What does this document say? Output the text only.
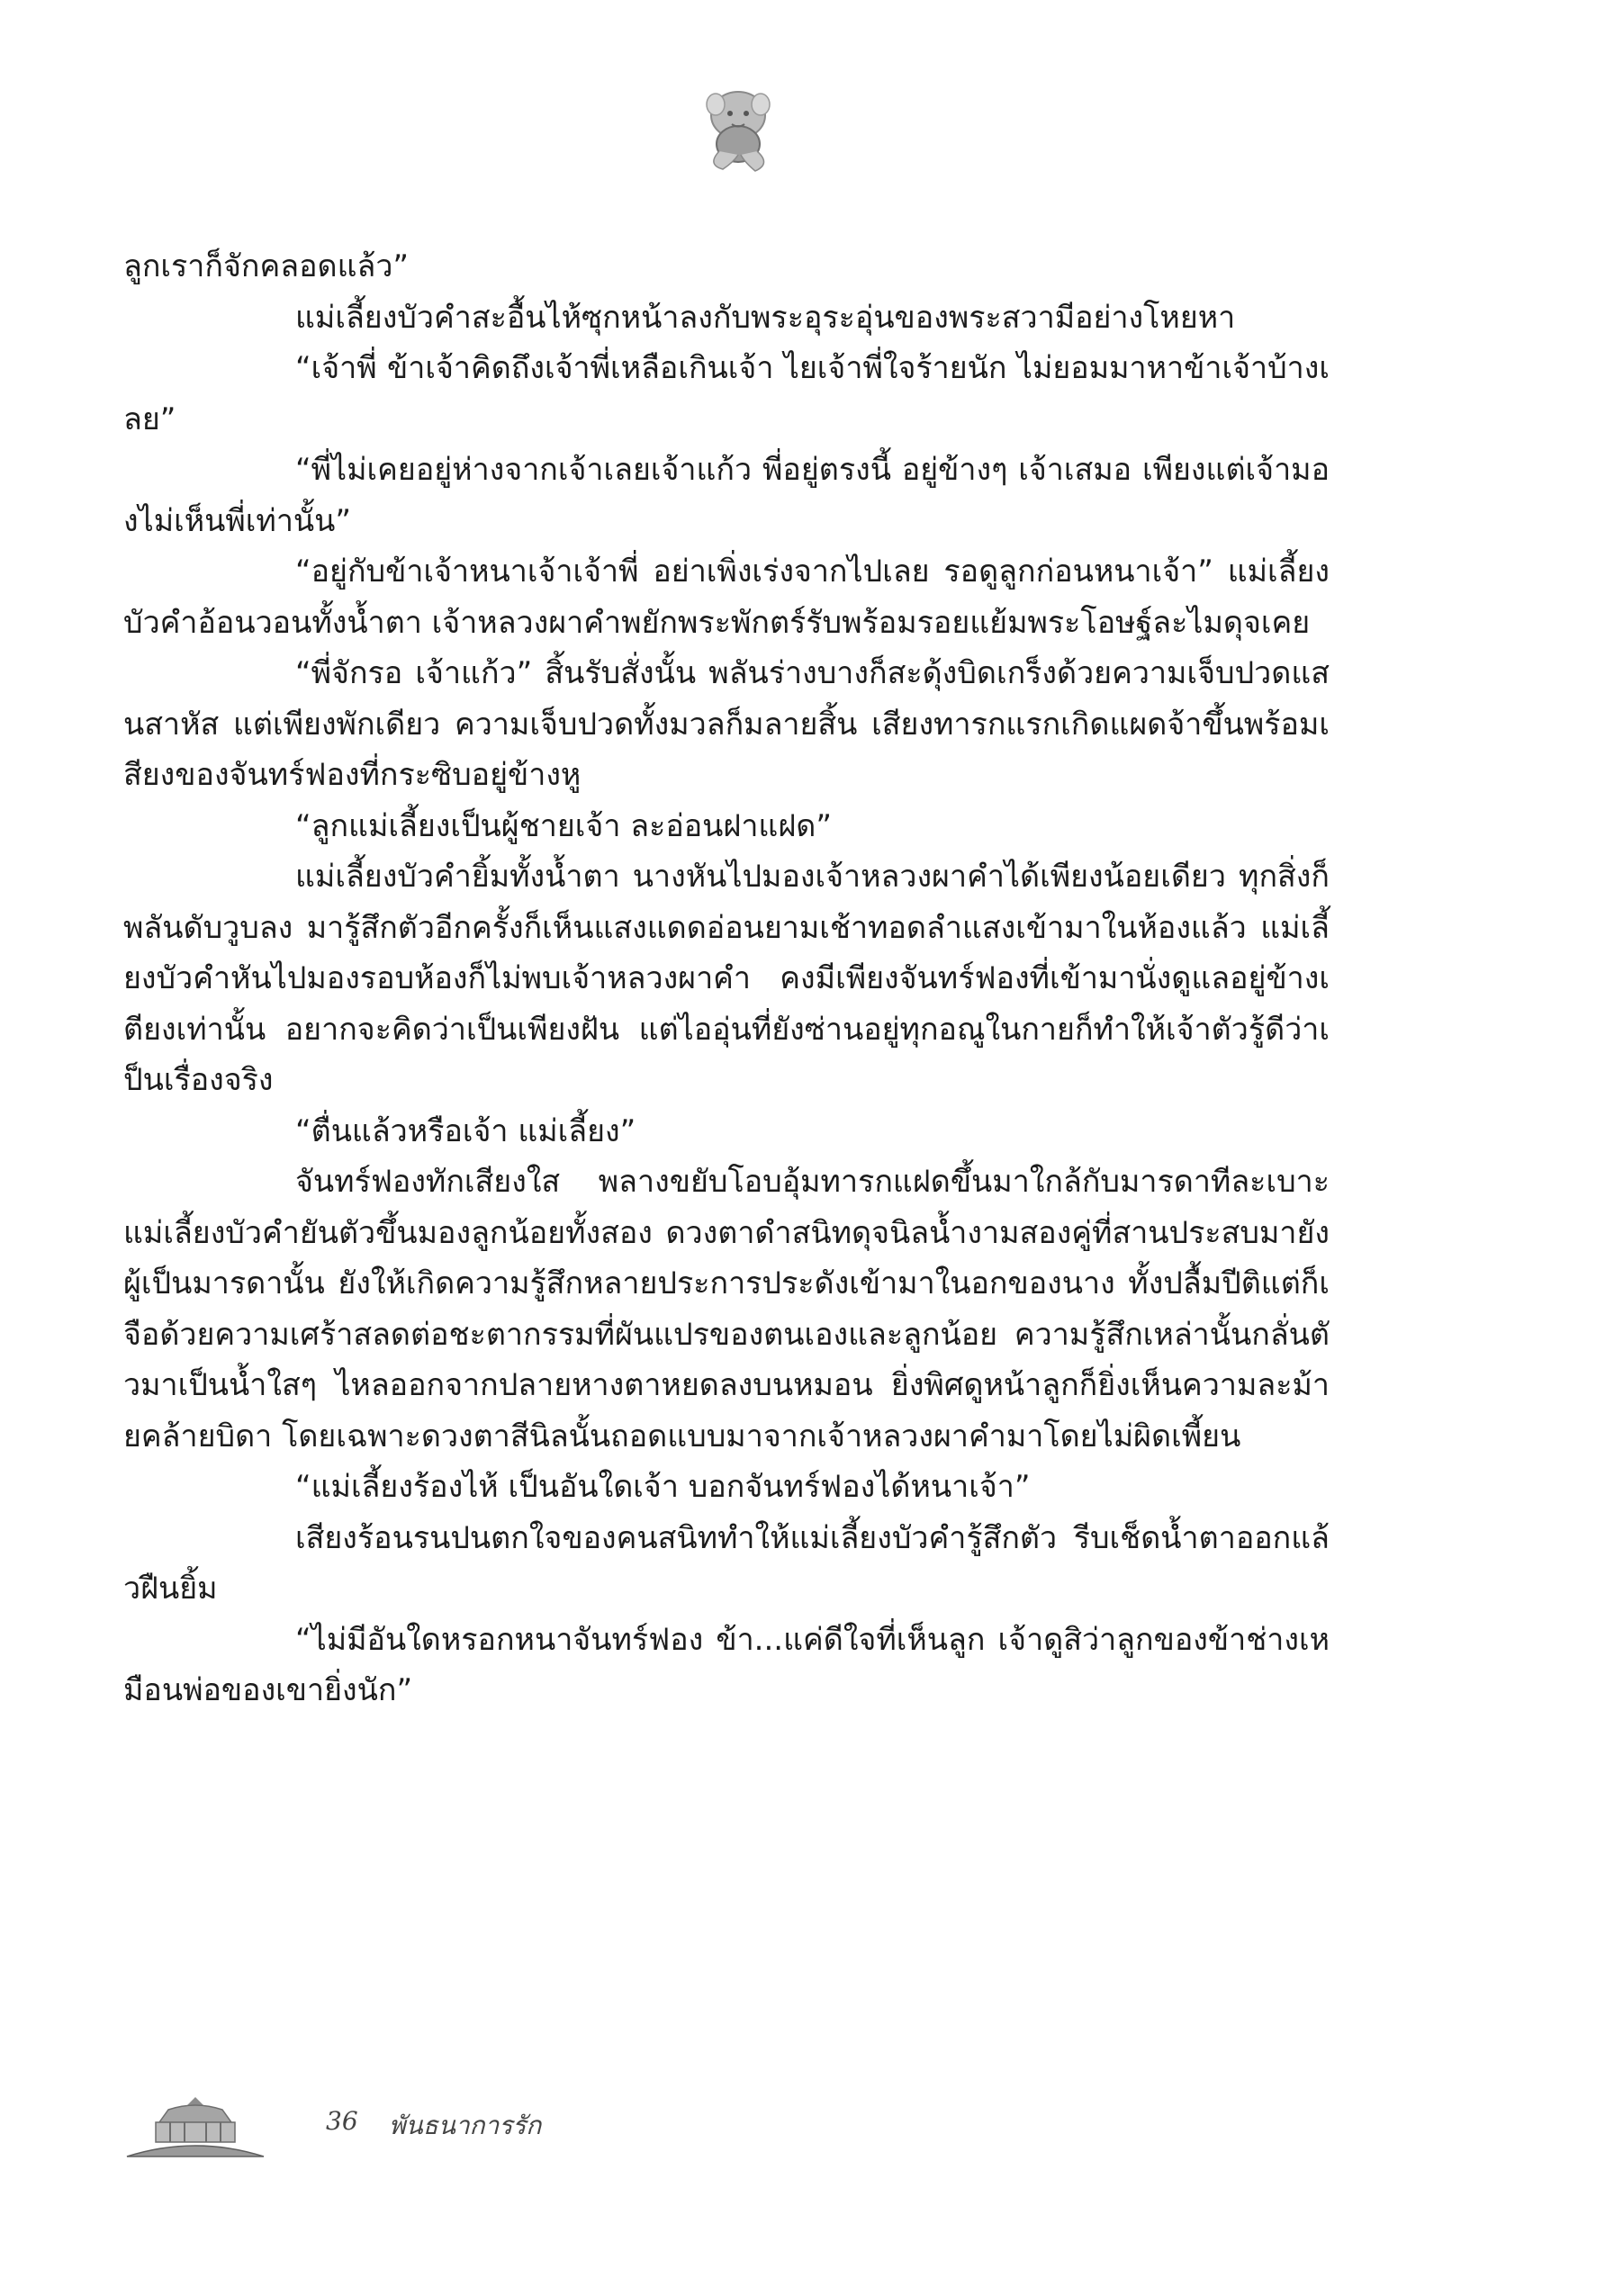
ลูกเราก็จักคลอดแล้ว”

แม่เลี้ยงบัวคำสะอื้นไห้ซุกหน้าลงกับพระอุระอุ่นของพระสวามีอย่างโหยหา

“เจ้าพี่ ข้าเจ้าคิดถึงเจ้าพี่เหลือเกินเจ้า ไยเจ้าพี่ใจร้ายนัก ไม่ยอมมาหาข้าเจ้าบ้างเลย”

“พี่ไม่เคยอยู่ห่างจากเจ้าเลยเจ้าแก้ว พี่อยู่ตรงนี้ อยู่ข้างๆ เจ้าเสมอ เพียงแต่เจ้ามองไม่เห็นพี่เท่านั้น”

“อยู่กับข้าเจ้าหนาเจ้าเจ้าพี่ อย่าเพิ่งเร่งจากไปเลย รอดูลูกก่อนหนาเจ้า” แม่เลี้ยงบัวคำอ้อนวอนทั้งน้ำตา เจ้าหลวงผาคำพยักพระพักตร์รับพร้อมรอยแย้มพระโอษฐ์ละไมดุจเคย

“พี่จักรอ เจ้าแก้ว” สิ้นรับสั่งนั้น พลันร่างบางก็สะดุ้งบิดเกร็งด้วยความเจ็บปวดแสนสาหัส แต่เพียงพักเดียว ความเจ็บปวดทั้งมวลก็มลายสิ้น เสียงทารกแรกเกิดแผดจ้าขึ้นพร้อมเสียงของจันทร์ฟองที่กระซิบอยู่ข้างหู

“ลูกแม่เลี้ยงเป็นผู้ชายเจ้า ละอ่อนฝาแฝด”

แม่เลี้ยงบัวคำยิ้มทั้งน้ำตา นางหันไปมองเจ้าหลวงผาคำได้เพียงน้อยเดียว ทุกสิ่งก็พลันดับวูบลง มารู้สึกตัวอีกครั้งก็เห็นแสงแดดอ่อนยามเช้าทอดลำแสงเข้ามาในห้องแล้ว แม่เลี้ยงบัวคำหันไปมองรอบห้องก็ไม่พบเจ้าหลวงผาคำ คงมีเพียงจันทร์ฟองที่เข้ามานั่งดูแลอยู่ข้างเตียงเท่านั้น อยากจะคิดว่าเป็นเพียงฝัน แต่ไออุ่นที่ยังซ่านอยู่ทุกอณูในกายก็ทำให้เจ้าตัวรู้ดีว่าเป็นเรื่องจริง

“ตื่นแล้วหรือเจ้า แม่เลี้ยง”

จันทร์ฟองทักเสียงใส พลางขยับโอบอุ้มทารกแฝดขึ้นมาใกล้กับมารดาทีละเบาะ แม่เลี้ยงบัวคำยันตัวขึ้นมองลูกน้อยทั้งสอง ดวงตาดำสนิทดุจนิลน้ำงามสองคู่ที่สานประสบมายังผู้เป็นมารดานั้น ยังให้เกิดความรู้สึกหลายประการประดังเข้ามาในอกของนาง ทั้งปลื้มปีติแต่ก็เจือด้วยความเศร้าสลดต่อชะตากรรมที่ผันแปรของตนเองและลูกน้อย ความรู้สึกเหล่านั้นกลั่นตัวมาเป็นน้ำใสๆ ไหลออกจากปลายหางตาหยดลงบนหมอน ยิ่งพิศดูหน้าลูกก็ยิ่งเห็นความละม้ายคล้ายบิดา โดยเฉพาะดวงตาสีนิลนั้นถอดแบบมาจากเจ้าหลวงผาคำมาโดยไม่ผิดเพี้ยน

“แม่เลี้ยงร้องไห้ เป็นอันใดเจ้า บอกจันทร์ฟองได้หนาเจ้า”

เสียงร้อนรนปนตกใจของคนสนิททำให้แม่เลี้ยงบัวคำรู้สึกตัว รีบเช็ดน้ำตาออกแล้วฝืนยิ้ม

“ไม่มีอันใดหรอกหนาจันทร์ฟอง ข้า...แค่ดีใจที่เห็นลูก เจ้าดูสิว่าลูกของข้าช่างเหมือนพ่อของเขายิ่งนัก”

36 พันธนาการรัก
